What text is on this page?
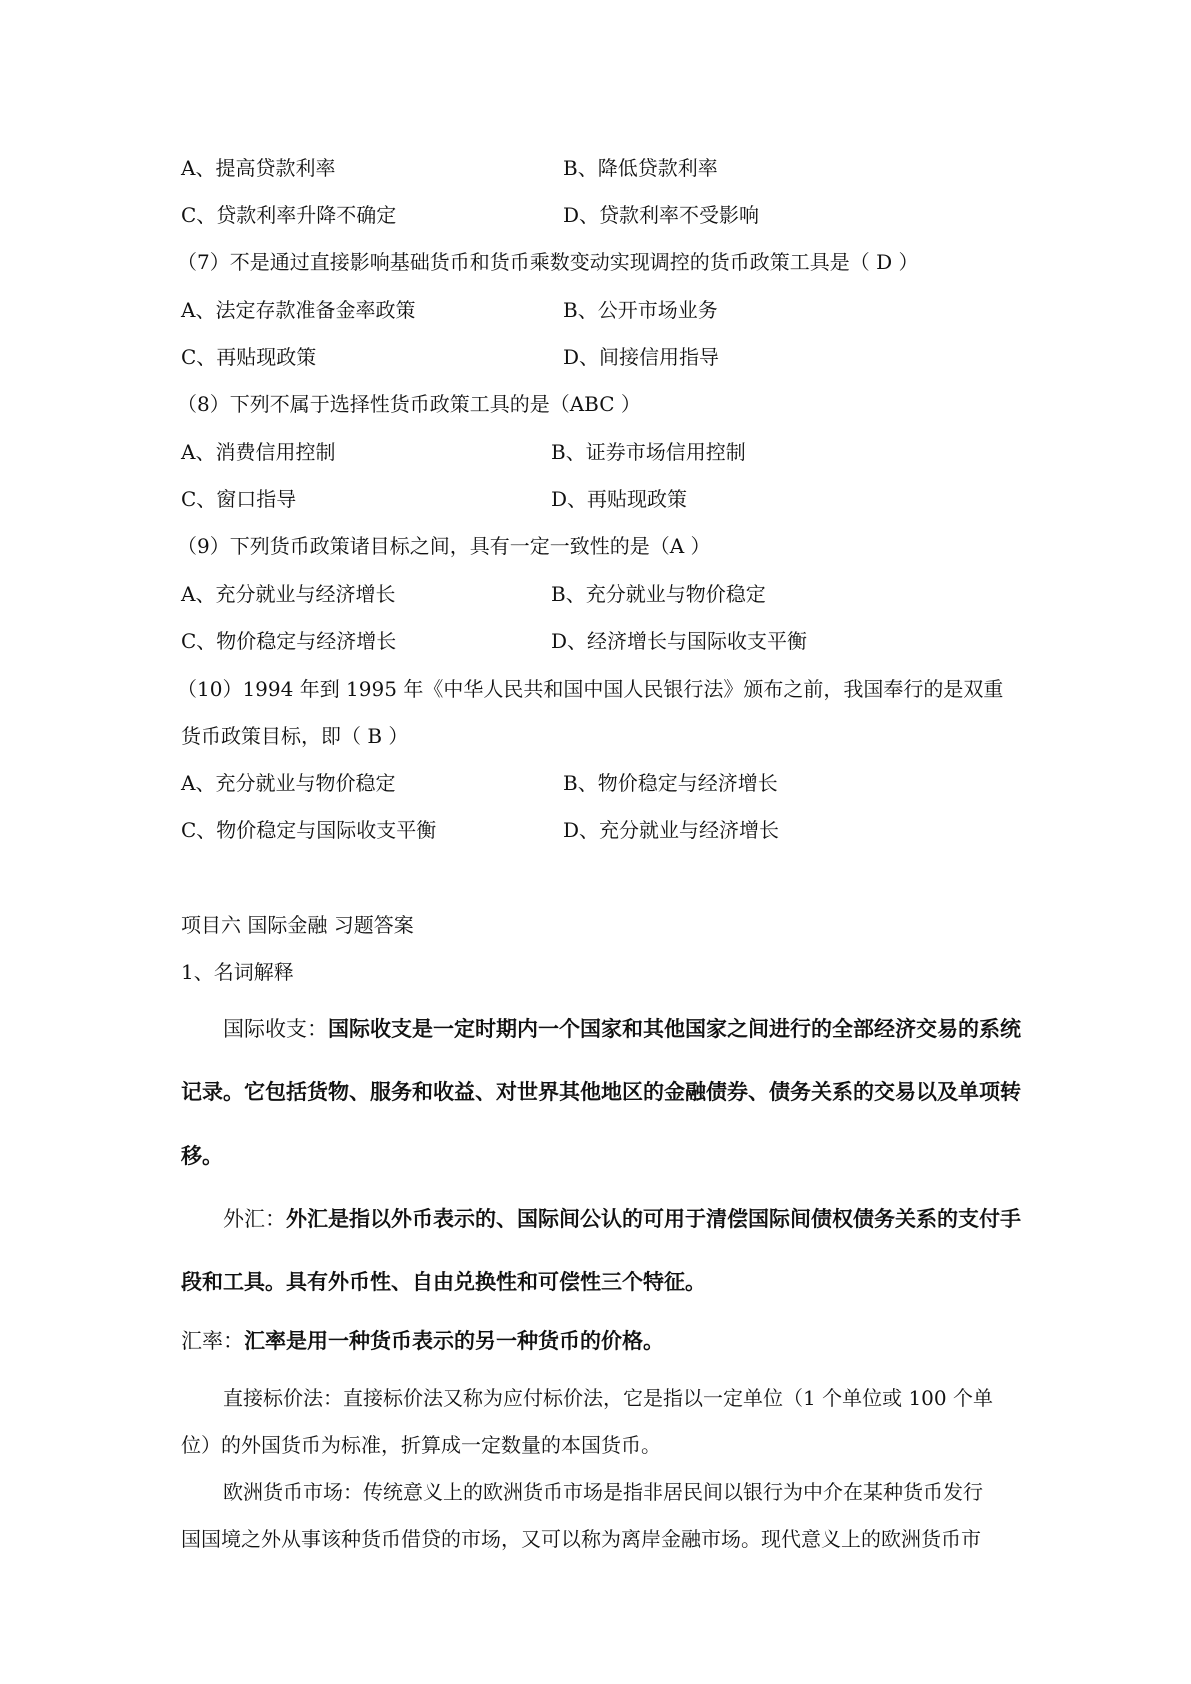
A、提高贷款利率	B、降低贷款利率
C、贷款利率升降不确定	D、贷款利率不受影响
（7）不是通过直接影响基础货币和货币乘数变动实现调控的货币政策工具是（ D ）
A、法定存款准备金率政策	B、公开市场业务
C、再贴现政策	D、间接信用指导
（8）下列不属于选择性货币政策工具的是（ABC ）
A、消费信用控制	B、证券市场信用控制
C、窗口指导	D、再贴现政策
（9）下列货币政策诸目标之间，具有一定一致性的是（A ）
A、充分就业与经济增长	B、充分就业与物价稳定
C、物价稳定与经济增长	D、经济增长与国际收支平衡
（10）1994 年到 1995 年《中华人民共和国中国人民银行法》颁布之前，我国奉行的是双重
货币政策目标，即（ B ）
A、充分就业与物价稳定	B、物价稳定与经济增长
C、物价稳定与国际收支平衡	D、充分就业与经济增长
项目六 国际金融 习题答案
1、名词解释
国际收支：国际收支是一定时期内一个国家和其他国家之间进行的全部经济交易的系统
记录。它包括货物、服务和收益、对世界其他地区的金融债券、债务关系的交易以及单项转
移。
外汇：外汇是指以外币表示的、国际间公认的可用于清偿国际间债权债务关系的支付手
段和工具。具有外币性、自由兑换性和可偿性三个特征。
汇率：汇率是用一种货币表示的另一种货币的价格。
直接标价法：直接标价法又称为应付标价法，它是指以一定单位（1 个单位或 100 个单
位）的外国货币为标准，折算成一定数量的本国货币。
欧洲货币市场：传统意义上的欧洲货币市场是指非居民间以银行为中介在某种货币发行
国国境之外从事该种货币借贷的市场，又可以称为离岸金融市场。现代意义上的欧洲货币市
